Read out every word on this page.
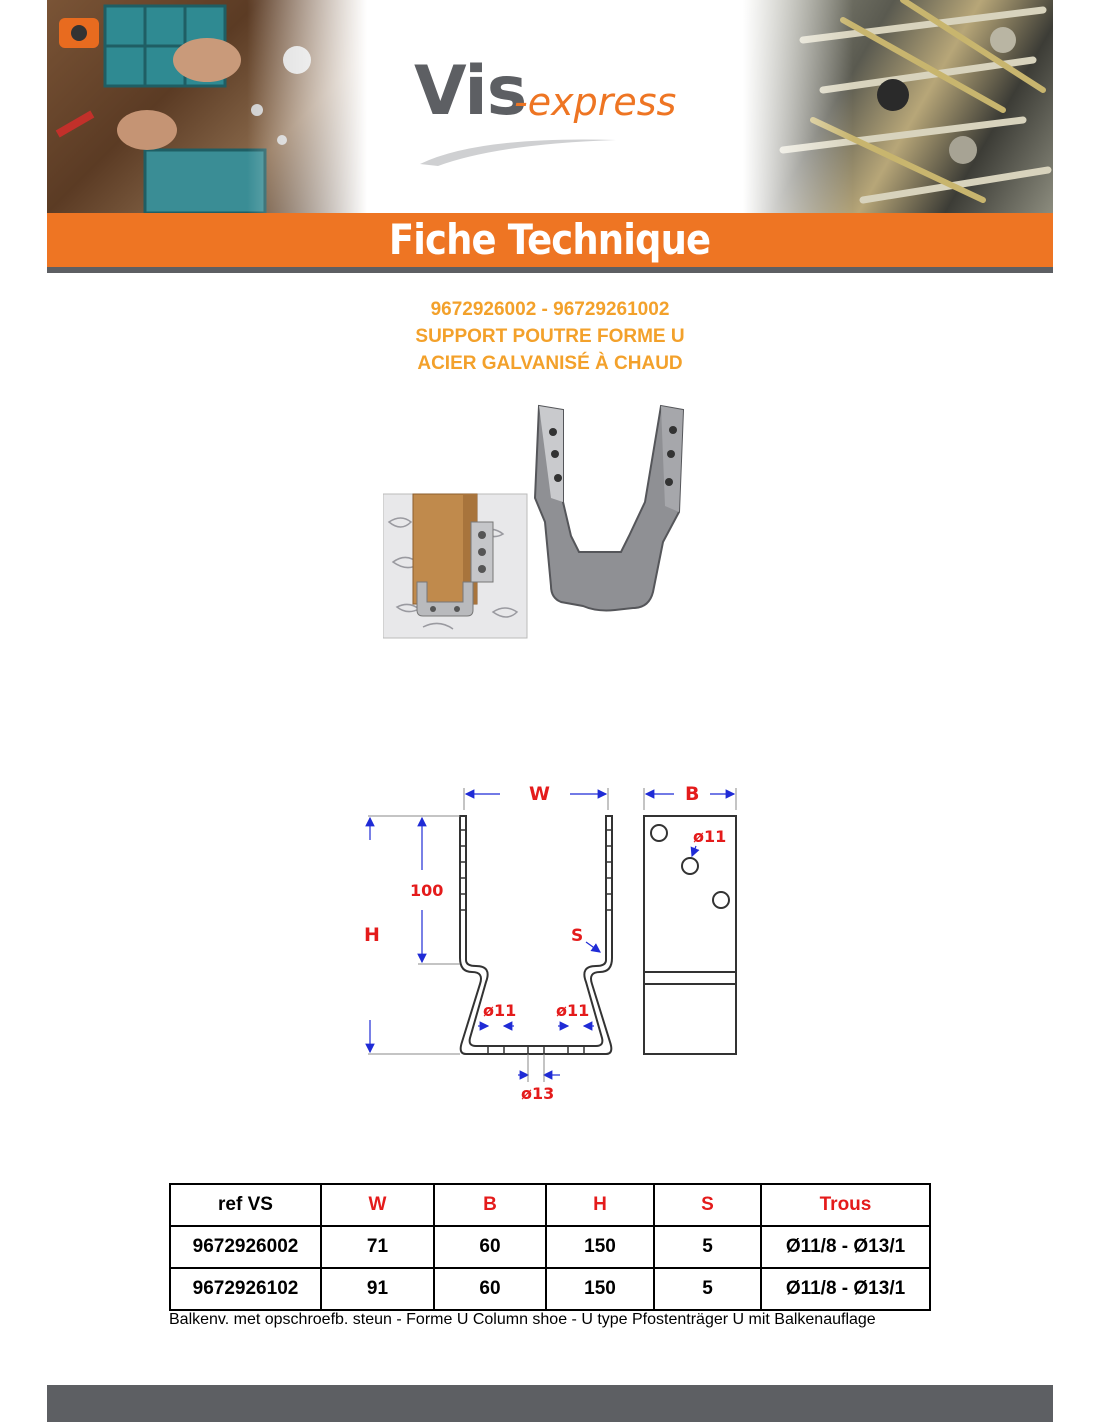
Vis
-express
Fiche Technique
9672926002 - 96729261002
SUPPORT POUTRE FORME U
ACIER GALVANISÉ À CHAUD
W	B
H
100
S
ø11
ø11 ø11
ø13
ref VS	W	B	H	S	Trous
9672926002	71	60	150	5	Ø11/8 - Ø13/1
9672926102	91	60	150	5	Ø11/8 - Ø13/1
Balkenv. met opschroefb. steun - Forme U Column shoe - U type Pfostenträger U mit Balkenauflage
